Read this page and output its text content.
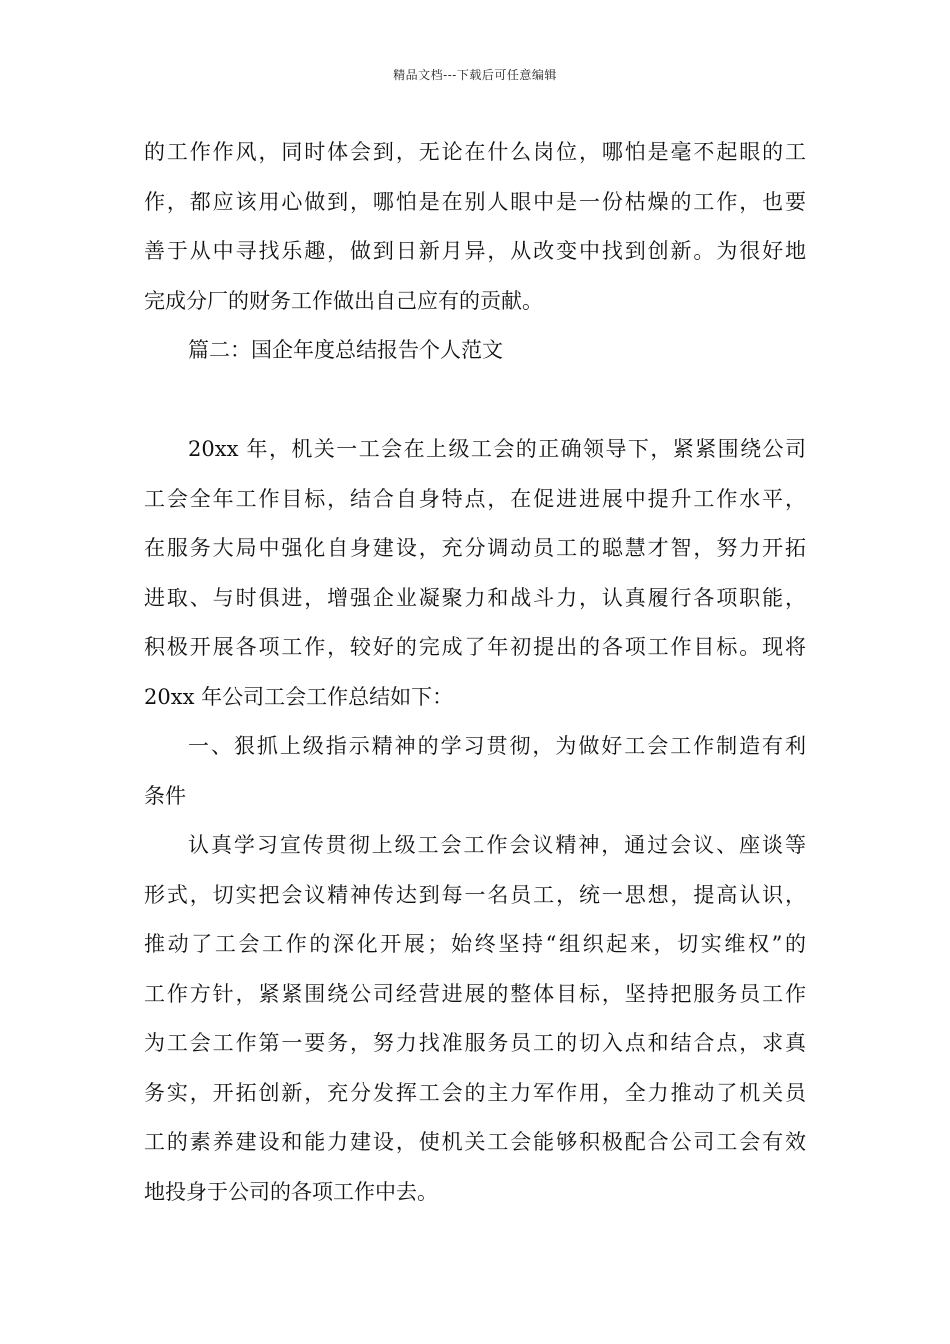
精品文档---下载后可任意编辑
的工作作风，同时体会到，无论在什么岗位，哪怕是毫不起眼的工
作，都应该用心做到，哪怕是在别人眼中是一份枯燥的工作，也要
善于从中寻找乐趣，做到日新月异，从改变中找到创新。为很好地
完成分厂的财务工作做出自己应有的贡献。
篇二：国企年度总结报告个人范文
20xx 年，机关一工会在上级工会的正确领导下，紧紧围绕公司
工会全年工作目标，结合自身特点，在促进进展中提升工作水平，
在服务大局中强化自身建设，充分调动员工的聪慧才智，努力开拓
进取、与时俱进，增强企业凝聚力和战斗力，认真履行各项职能，
积极开展各项工作，较好的完成了年初提出的各项工作目标。现将
20xx 年公司工会工作总结如下：
一、狠抓上级指示精神的学习贯彻，为做好工会工作制造有利
条件
认真学习宣传贯彻上级工会工作会议精神，通过会议、座谈等
形式，切实把会议精神传达到每一名员工，统一思想，提高认识，
推动了工会工作的深化开展；始终坚持“组织起来，切实维权”的
工作方针，紧紧围绕公司经营进展的整体目标，坚持把服务员工作
为工会工作第一要务，努力找准服务员工的切入点和结合点，求真
务实，开拓创新，充分发挥工会的主力军作用，全力推动了机关员
工的素养建设和能力建设，使机关工会能够积极配合公司工会有效
地投身于公司的各项工作中去。
